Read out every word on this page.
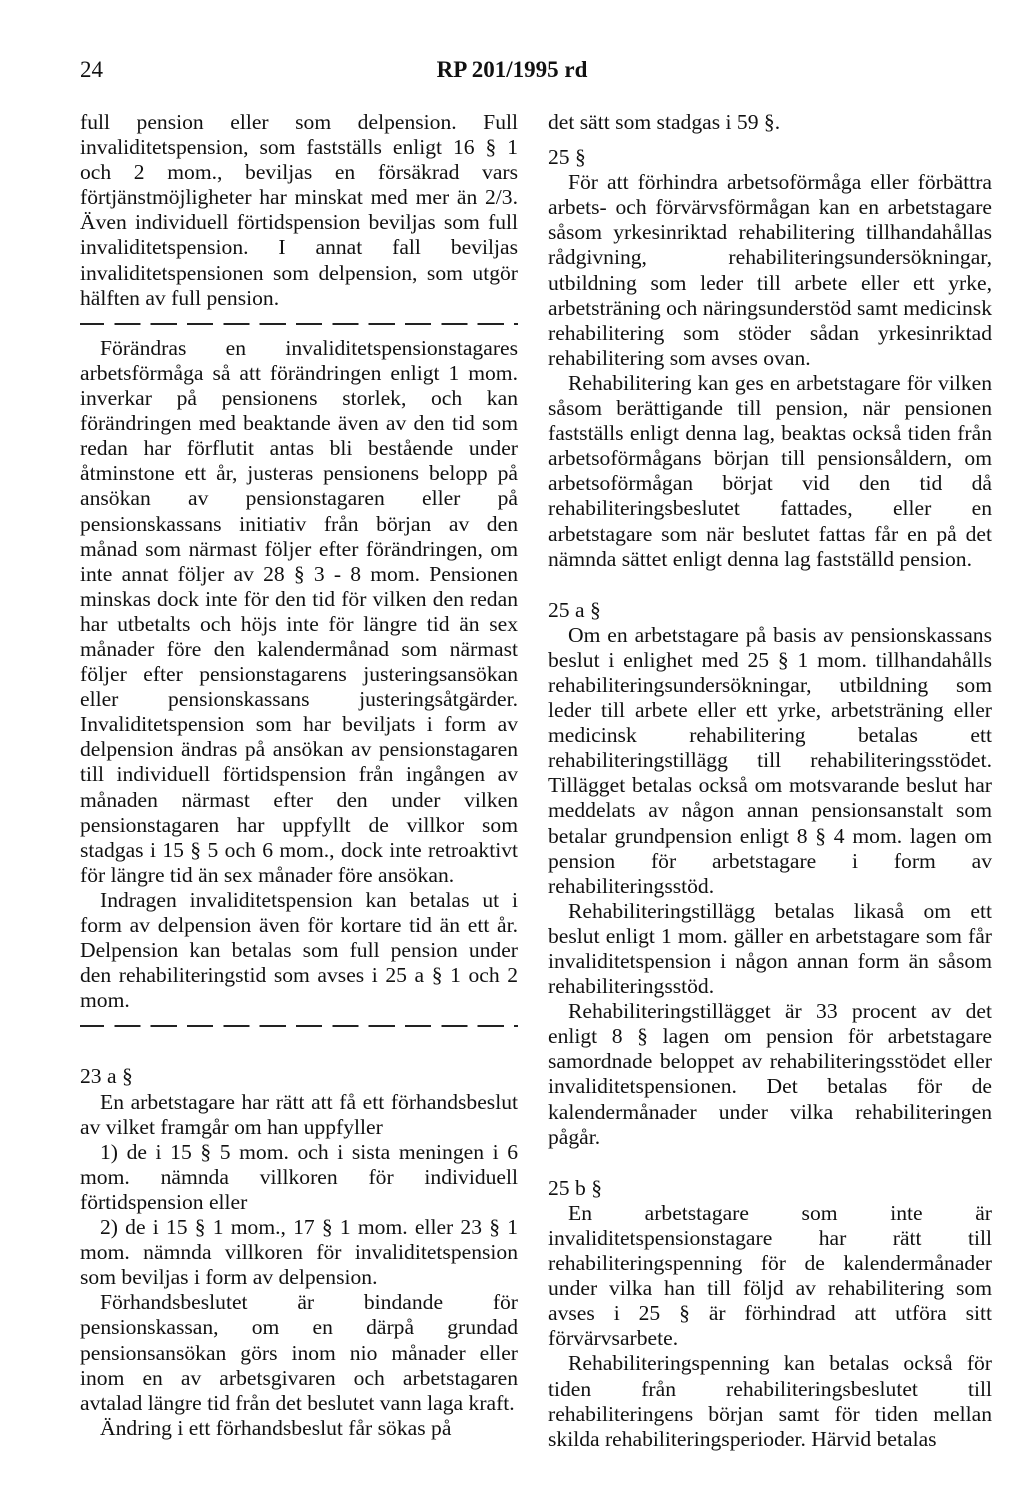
24	RP 201/1995 rd

full pension eller som delpension. Full invaliditetspension, som fastställs enligt 16 § 1 och 2 mom., beviljas en försäkrad vars förtjänstmöjligheter har minskat med mer än 2/3. Även individuell förtidspension beviljas som full invaliditetspension. I annat fall beviljas invaliditetspensionen som delpension, som utgör hälften av full pension.

Förändras en invaliditetspensionstagares arbetsförmåga så att förändringen enligt 1 mom. inverkar på pensionens storlek, och kan förändringen med beaktande även av den tid som redan har förflutit antas bli bestående under åtminstone ett år, justeras pensionens belopp på ansökan av pensionstagaren eller på pensionskassans initiativ från början av den månad som närmast följer efter förändringen, om inte annat följer av 28 § 3 - 8 mom. Pensionen minskas dock inte för den tid för vilken den redan har utbetalts och höjs inte för längre tid än sex månader före den kalendermånad som närmast följer efter pensionstagarens justeringsansökan eller pensionskassans justeringsåtgärder. Invaliditetspension som har beviljats i form av delpension ändras på ansökan av pensionstagaren till individuell förtidspension från ingången av månaden närmast efter den under vilken pensionstagaren har uppfyllt de villkor som stadgas i 15 § 5 och 6 mom., dock inte retroaktivt för längre tid än sex månader före ansökan.

Indragen invaliditetspension kan betalas ut i form av delpension även för kortare tid än ett år. Delpension kan betalas som full pension under den rehabiliteringstid som avses i 25 a § 1 och 2 mom.

23 a §

En arbetstagare har rätt att få ett förhandsbeslut av vilket framgår om han uppfyller

1) de i 15 § 5 mom. och i sista meningen i 6 mom. nämnda villkoren för individuell förtidspension eller

2) de i 15 § 1 mom., 17 § 1 mom. eller 23 § 1 mom. nämnda villkoren för invaliditetspension som beviljas i form av delpension.

Förhandsbeslutet är bindande för pensionskassan, om en därpå grundad pensionsansökan görs inom nio månader eller inom en av arbetsgivaren och arbetstagaren avtalad längre tid från det beslutet vann laga kraft.

Ändring i ett förhandsbeslut får sökas på

det sätt som stadgas i 59 §.

25 §

För att förhindra arbetsoförmåga eller förbättra arbets- och förvärvsförmågan kan en arbetstagare såsom yrkesinriktad rehabilitering tillhandahållas rådgivning, rehabiliteringsundersökningar, utbildning som leder till arbete eller ett yrke, arbetsträning och näringsunderstöd samt medicinsk rehabilitering som stöder sådan yrkesinriktad rehabilitering som avses ovan.

Rehabilitering kan ges en arbetstagare för vilken såsom berättigande till pension, när pensionen fastställs enligt denna lag, beaktas också tiden från arbetsoförmågans början till pensionsåldern, om arbetsoförmågan börjat vid den tid då rehabiliteringsbeslutet fattades, eller en arbetstagare som när beslutet fattas får en på det nämnda sättet enligt denna lag fastställd pension.

25 a §

Om en arbetstagare på basis av pensionskassans beslut i enlighet med 25 § 1 mom. tillhandahålls rehabiliteringsundersökningar, utbildning som leder till arbete eller ett yrke, arbetsträning eller medicinsk rehabilitering betalas ett rehabiliteringstillägg till rehabiliteringsstödet. Tillägget betalas också om motsvarande beslut har meddelats av någon annan pensionsanstalt som betalar grundpension enligt 8 § 4 mom. lagen om pension för arbetstagare i form av rehabiliteringsstöd.

Rehabiliteringstillägg betalas likaså om ett beslut enligt 1 mom. gäller en arbetstagare som får invaliditetspension i någon annan form än såsom rehabiliteringsstöd.

Rehabiliteringstillägget är 33 procent av det enligt 8 § lagen om pension för arbetstagare samordnade beloppet av rehabiliteringsstödet eller invaliditetspensionen. Det betalas för de kalendermånader under vilka rehabiliteringen pågår.

25 b §

En arbetstagare som inte är invaliditetspensionstagare har rätt till rehabiliteringspenning för de kalendermånader under vilka han till följd av rehabilitering som avses i 25 § är förhindrad att utföra sitt förvärvsarbete.

Rehabiliteringspenning kan betalas också för tiden från rehabiliteringsbeslutet till rehabiliteringens början samt för tiden mellan skilda rehabiliteringsperioder. Härvid betalas
